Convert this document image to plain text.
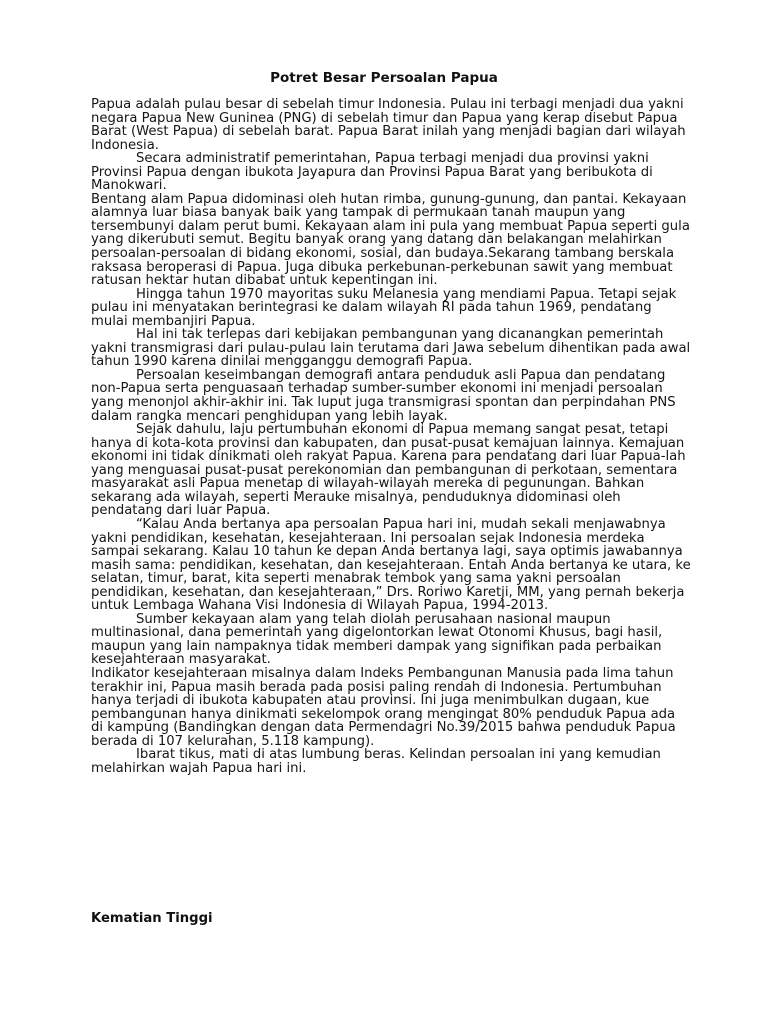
Potret Besar Persoalan Papua

Papua adalah pulau besar di sebelah timur Indonesia. Pulau ini terbagi menjadi dua yakni negara Papua New Guninea (PNG) di sebelah timur dan Papua yang kerap disebut Papua Barat (West Papua) di sebelah barat. Papua Barat inilah yang menjadi bagian dari wilayah Indonesia.

Secara administratif pemerintahan, Papua terbagi menjadi dua provinsi yakni Provinsi Papua dengan ibukota Jayapura dan Provinsi Papua Barat yang beribukota di Manokwari.

Bentang alam Papua didominasi oleh hutan rimba, gunung-gunung, dan pantai. Kekayaan alamnya luar biasa banyak baik yang tampak di permukaan tanah maupun yang tersembunyi dalam perut bumi. Kekayaan alam ini pula yang membuat Papua seperti gula yang dikerubuti semut. Begitu banyak orang yang datang dan belakangan melahirkan persoalan-persoalan di bidang ekonomi, sosial, dan budaya.Sekarang tambang berskala raksasa beroperasi di Papua. Juga dibuka perkebunan-perkebunan sawit yang membuat ratusan hektar hutan dibabat untuk kepentingan ini.

Hingga tahun 1970 mayoritas suku Melanesia yang mendiami Papua. Tetapi sejak pulau ini menyatakan berintegrasi ke dalam wilayah RI pada tahun 1969, pendatang mulai membanjiri Papua.

Hal ini tak terlepas dari kebijakan pembangunan yang dicanangkan pemerintah yakni transmigrasi dari pulau-pulau lain terutama dari Jawa sebelum dihentikan pada awal tahun 1990 karena dinilai mengganggu demografi Papua.

Persoalan keseimbangan demografi antara penduduk asli Papua dan pendatang non-Papua serta penguasaan terhadap sumber-sumber ekonomi ini menjadi persoalan yang menonjol akhir-akhir ini. Tak luput juga transmigrasi spontan dan perpindahan PNS dalam rangka mencari penghidupan yang lebih layak.

Sejak dahulu, laju pertumbuhan ekonomi di Papua memang sangat pesat, tetapi hanya di kota-kota provinsi dan kabupaten, dan pusat-pusat kemajuan lainnya. Kemajuan ekonomi ini tidak dinikmati oleh rakyat Papua. Karena para pendatang dari luar Papua-lah yang menguasai pusat-pusat perekonomian dan pembangunan di perkotaan, sementara masyarakat asli Papua menetap di wilayah-wilayah mereka di pegunungan. Bahkan sekarang ada wilayah, seperti Merauke misalnya, penduduknya didominasi oleh pendatang dari luar Papua.

“Kalau Anda bertanya apa persoalan Papua hari ini, mudah sekali menjawabnya yakni pendidikan, kesehatan, kesejahteraan. Ini persoalan sejak Indonesia merdeka sampai sekarang. Kalau 10 tahun ke depan Anda bertanya lagi, saya optimis jawabannya masih sama: pendidikan, kesehatan, dan kesejahteraan. Entah Anda bertanya ke utara, ke selatan, timur, barat, kita seperti menabrak tembok yang sama yakni persoalan pendidikan, kesehatan, dan kesejahteraan,” Drs. Roriwo Karetji, MM, yang pernah bekerja untuk Lembaga Wahana Visi Indonesia di Wilayah Papua, 1994-2013.

Sumber kekayaan alam yang telah diolah perusahaan nasional maupun multinasional, dana pemerintah yang digelontorkan lewat Otonomi Khusus, bagi hasil, maupun yang lain nampaknya tidak memberi dampak yang signifikan pada perbaikan kesejahteraan masyarakat.

Indikator kesejahteraan misalnya dalam Indeks Pembangunan Manusia pada lima tahun terakhir ini, Papua masih berada pada posisi paling rendah di Indonesia. Pertumbuhan hanya terjadi di ibukota kabupaten atau provinsi. Ini juga menimbulkan dugaan, kue pembangunan hanya dinikmati sekelompok orang mengingat 80% penduduk Papua ada di kampung (Bandingkan dengan data Permendagri No.39/2015 bahwa penduduk Papua berada di 107 kelurahan, 5.118 kampung).

Ibarat tikus, mati di atas lumbung beras. Kelindan persoalan ini yang kemudian melahirkan wajah Papua hari ini.

Kematian Tinggi
